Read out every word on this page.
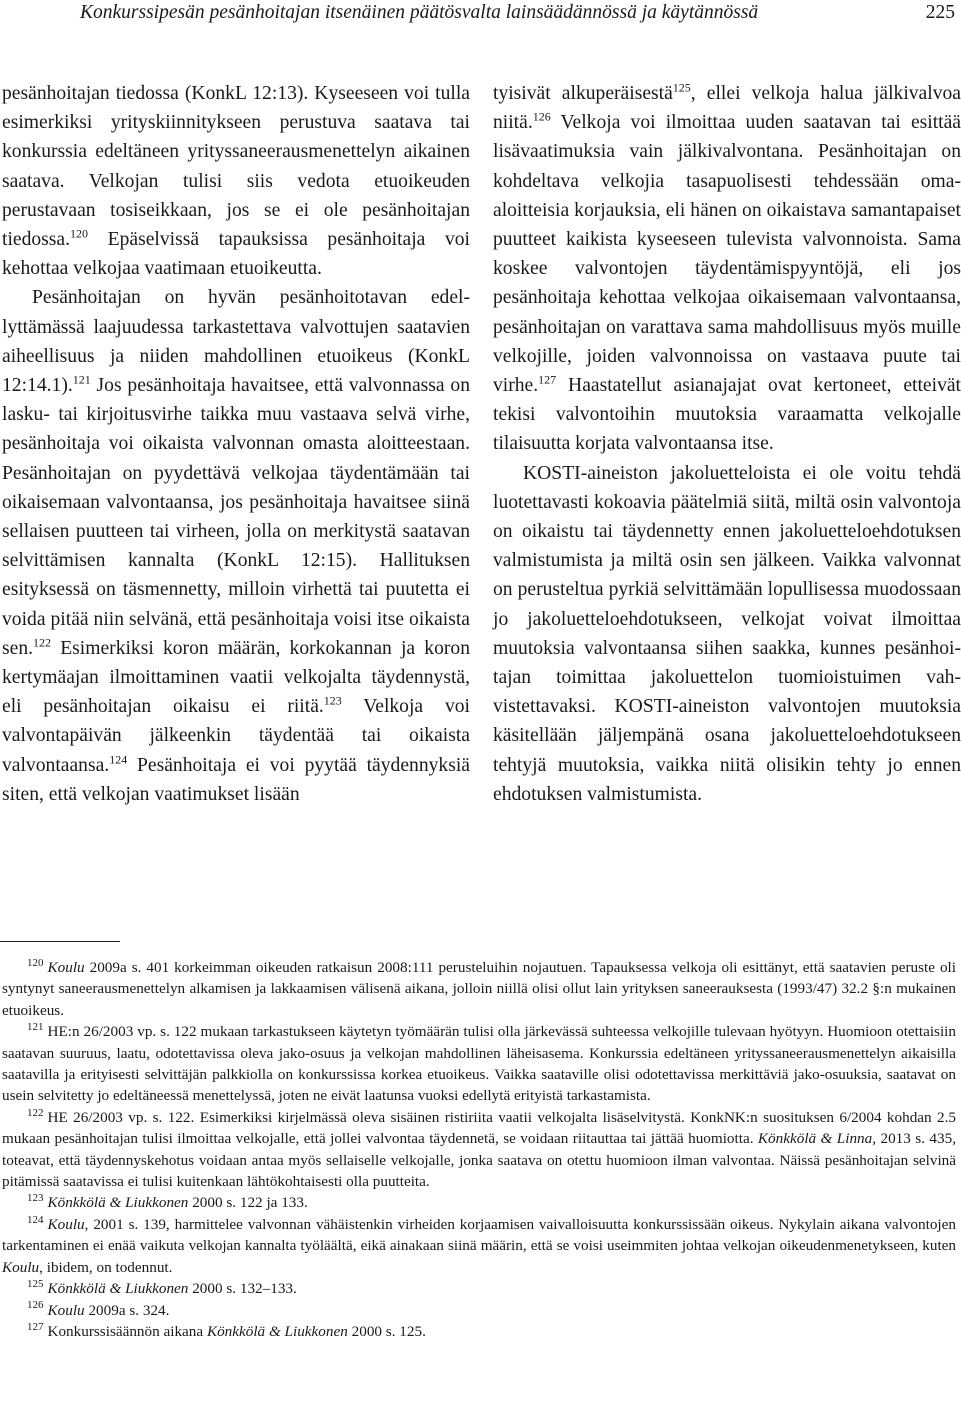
Konkurssipesän pesänhoitajan itsenäinen päätösvalta lainsäädännössä ja käytännössä	225

pesänhoitajan tiedossa (KonkL 12:13). Kyseeseen voi tulla esimerkiksi yrityskiinnitykseen perustuva saatava tai konkurssia edeltäneen yrityssaneerausmenettelyn aikainen saatava. Velkojan tulisi siis vedota etuoikeuden perustavaan tosiseikkaan, jos se ei ole pesänhoitajan tiedossa.$^{120}$ Epäselvissä tapauksissa pesänhoitaja voi kehottaa velkojaa vaatimaan etuoikeutta.

Pesänhoitajan on hyvän pesänhoitotavan edellyttämässä laajuudessa tarkastettava valvottujen saatavien aiheellisuus ja niiden mahdollinen etuoikeus (KonkL 12:14.1).$^{121}$ Jos pesänhoitaja havaitsee, että valvonnassa on lasku- tai kirjoitusvirhe taikka muu vastaava selvä virhe, pesänhoitaja voi oikaista valvonnan omasta aloitteestaan. Pesänhoitajan on pyydettävä velkojaa täydentämään tai oikaisemaan valvontaansa, jos pesänhoitaja havaitsee siinä sellaisen puutteen tai virheen, jolla on merkitystä saatavan selvittämisen kannalta (KonkL 12:15). Hallituksen esityksessä on täsmennetty, milloin virhettä tai puutetta ei voida pitää niin selvänä, että pesänhoitaja voisi itse oikaista sen.$^{122}$ Esimerkiksi koron määrän, korkokannan ja koron kertymäajan ilmoittaminen vaatii velkojalta täydennystä, eli pesänhoitajan oikaisu ei riitä.$^{123}$ Velkoja voi valvontapäivän jälkeenkin täydentää tai oikaista valvontaansa.$^{124}$ Pesänhoitaja ei voi pyytää täydennyksiä siten, että velkojan vaatimukset lisään

tyisivät alkuperäisestä$^{125}$, ellei velkoja halua jälkivalvoa niitä.$^{126}$ Velkoja voi ilmoittaa uuden saatavan tai esittää lisävaatimuksia vain jälkivalvontana. Pesänhoitajan on kohdeltava velkojia tasapuolisesti tehdessään oma-aloitteisia korjauksia, eli hänen on oikaistava samantapaiset puutteet kaikista kyseeseen tulevista valvonnoista. Sama koskee valvontojen täydentämispyyntöjä, eli jos pesänhoitaja kehottaa velkojaa oikaisemaan valvontaansa, pesänhoitajan on varattava sama mahdollisuus myös muille velkojille, joiden valvonnoissa on vastaava puute tai virhe.$^{127}$ Haastatellut asianajajat ovat kertoneet, etteivät tekisi valvontoihin muutoksia varaamatta velkojalle tilaisuutta korjata valvontaansa itse.

KOSTI-aineiston jakoluetteloista ei ole voitu tehdä luotettavasti kokoavia päätelmiä siitä, miltä osin valvontoja on oikaistu tai täydennetty ennen jakoluetteloehdotuksen valmistumista ja miltä osin sen jälkeen. Vaikka valvonnat on perusteltua pyrkiä selvittämään lopullisessa muodossaan jo jakoluetteloehdotukseen, velkojat voivat ilmoittaa muutoksia valvontaansa siihen saakka, kunnes pesänhoitajan toimittaa jakoluettelon tuomioistuimen vahvistettavaksi. KOSTI-aineiston valvontojen muutoksia käsitellään jäljempänä osana jakoluetteloehdotukseen tehtyjä muutoksia, vaikka niitä olisikin tehty jo ennen ehdotuksen valmistumista.

$^{120}$ Koulu 2009a s. 401 korkeimman oikeuden ratkaisun 2008:111 perusteluihin nojautuen. Tapauksessa velkoja oli esittänyt, että saatavien peruste oli syntynyt saneerausmenettelyn alkamisen ja lakkaamisen välisenä aikana, jolloin niillä olisi ollut lain yrityksen saneerauksesta (1993/47) 32.2 §:n mukainen etuoikeus.

$^{121}$ HE:n 26/2003 vp. s. 122 mukaan tarkastukseen käytetyn työmäärän tulisi olla järkevässä suhteessa velkojille tulevaan hyötyyn. Huomioon otettaisiin saatavan suuruus, laatu, odotettavissa oleva jako-osuus ja velkojan mahdollinen läheisasema. Konkurssia edeltäneen yrityssaneerausmenettelyn aikaisilla saatavilla ja erityisesti selvittäjän palkkiolla on konkurssissa korkea etuoikeus. Vaikka saataville olisi odotettavissa merkittäviä jako-osuuksia, saatavat on usein selvitetty jo edeltäneessä menettelyssä, joten ne eivät laatunsa vuoksi edellytä erityistä tarkastamista.

$^{122}$ HE 26/2003 vp. s. 122. Esimerkiksi kirjelmässä oleva sisäinen ristiriita vaatii velkojalta lisäselvitystä. KonkNK:n suosituksen 6/2004 kohdan 2.5 mukaan pesänhoitajan tulisi ilmoittaa velkojalle, että jollei valvontaa täydennetä, se voidaan riitauttaa tai jättää huomiotta. Könkkölä & Linna, 2013 s. 435, toteavat, että täydennyskehotus voidaan antaa myös sellaiselle velkojalle, jonka saatava on otettu huomioon ilman valvontaa. Näissä pesänhoitajan selvinä pitämissä saatavissa ei tulisi kuitenkaan lähtökohtaisesti olla puutteita.

$^{123}$ Könkkölä & Liukkonen 2000 s. 122 ja 133.

$^{124}$ Koulu, 2001 s. 139, harmittelee valvonnan vähäistenkin virheiden korjaamisen vaivalloisuutta konkurssissään oikeus. Nykylain aikana valvontojen tarkentaminen ei enää vaikuta velkojan kannalta työläältä, eikä ainakaan siinä määrin, että se voisi useimmiten johtaa velkojan oikeudenmenetykseen, kuten Koulu, ibidem, on todennut.

$^{125}$ Könkkölä & Liukkonen 2000 s. 132–133.

$^{126}$ Koulu 2009a s. 324.

$^{127}$ Konkurssisäännön aikana Könkkölä & Liukkonen 2000 s. 125.
